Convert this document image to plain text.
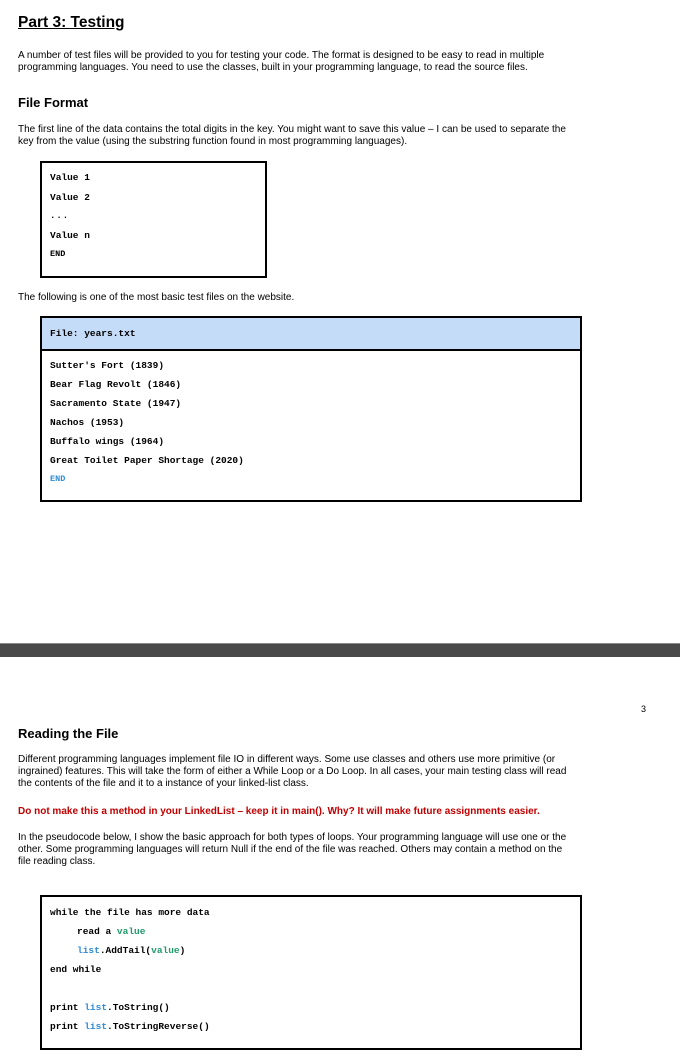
Part 3: Testing
A number of test files will be provided to you for testing your code. The format is designed to be easy to read in multiple
programming languages. You need to use the classes, built in your programming language, to read the source files.
File Format
The first line of the data contains the total digits in the key. You might want to save this value – I can be used to separate the
key from the value (using the substring function found in most programming languages).
Value 1
Value 2
...
Value n
END
The following is one of the most basic test files on the website.
File: years.txt
Sutter's Fort (1839)
Bear Flag Revolt (1846)
Sacramento State (1947)
Nachos (1953)
Buffalo wings (1964)
Great Toilet Paper Shortage (2020)
END
3
Reading the File
Different programming languages implement file IO in different ways. Some use classes and others use more primitive (or
ingrained) features. This will take the form of either a While Loop or a Do Loop. In all cases, your main testing class will read
the contents of the file and it to a instance of your linked-list class.
Do not make this a method in your LinkedList – keep it in main(). Why? It will make future assignments easier.
In the pseudocode below, I show the basic approach for both types of loops. Your programming language will use one or the
other. Some programming languages will return Null if the end of the file was reached. Others may contain a method on the
file reading class.
while the file has more data
read a value
list.AddTail(value)
end while
print list.ToString()
print list.ToStringReverse()
